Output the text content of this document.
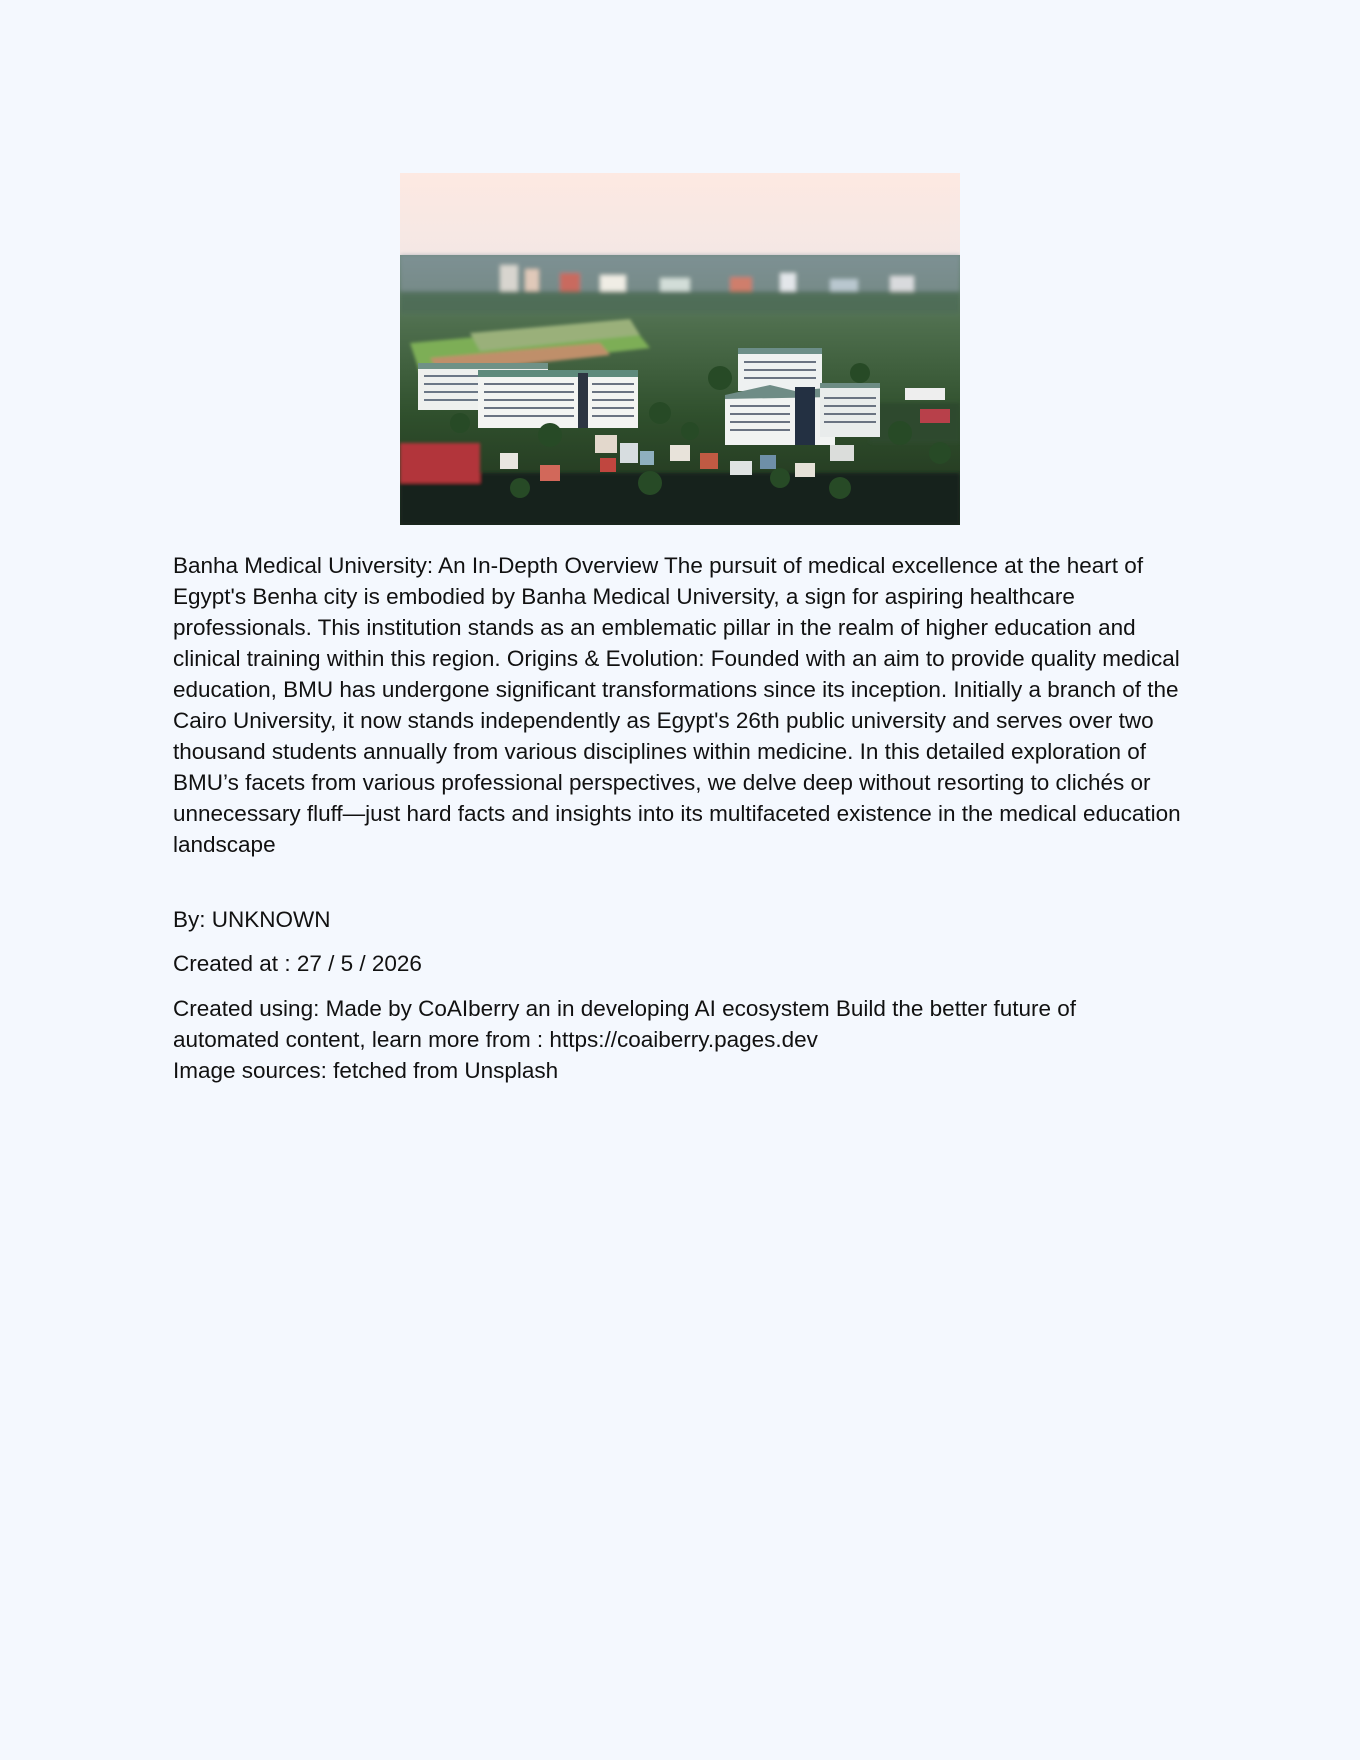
Banha Medical University: An In-Depth Overview The pursuit of medical excellence at the heart of Egypt's Benha city is embodied by Banha Medical University, a sign for aspiring healthcare professionals. This institution stands as an emblematic pillar in the realm of higher education and clinical training within this region. Origins & Evolution: Founded with an aim to provide quality medical education, BMU has undergone significant transformations since its inception. Initially a branch of the Cairo University, it now stands independently as Egypt's 26th public university and serves over two thousand students annually from various disciplines within medicine. In this detailed exploration of BMU’s facets from various professional perspectives, we delve deep without resorting to clichés or unnecessary fluff—just hard facts and insights into its multifaceted existence in the medical education landscape

By: UNKNOWN

Created at : 27 / 5 / 2026

Created using: Made by CoAIberry an in developing AI ecosystem Build the better future of automated content, learn more from : https://coaiberry.pages.dev

Image sources: fetched from Unsplash
